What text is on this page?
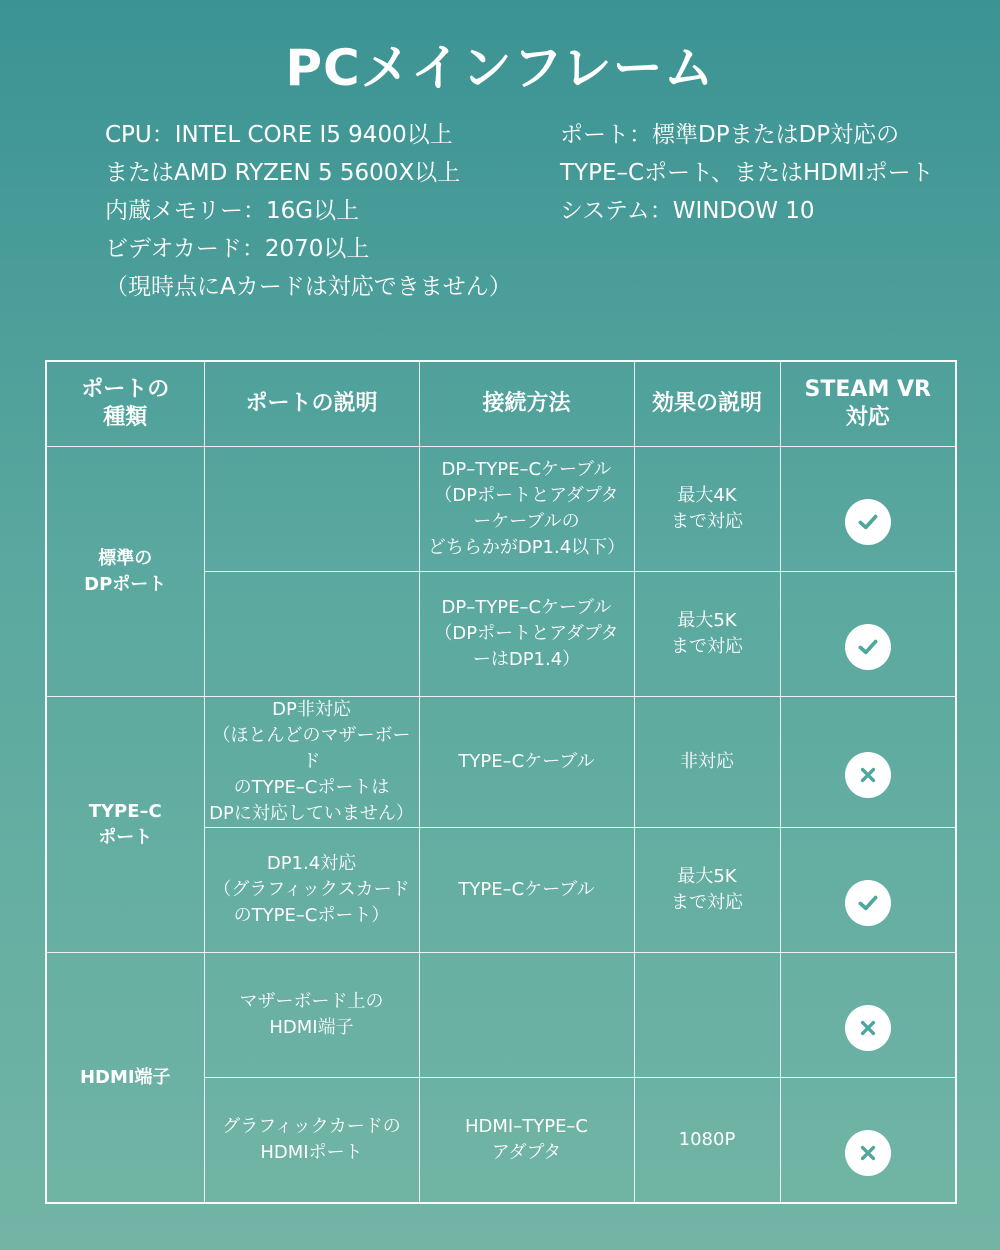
PCメインフレーム
CPU：INTEL CORE I5 9400以上
またはAMD RYZEN 5 5600X以上
内蔵メモリー：16G以上
ビデオカード：2070以上
（現時点にAカードは対応できません）
ポート：標準DPまたはDP対応の
TYPE–Cポート、またはHDMIポート
システム：WINDOW 10
ポートの
種類	ポートの説明	接続方法	効果の説明	STEAM VR
対応
標準の
DPポート		DP–TYPE–Cケーブル
（DPポートとアダプタ
ーケーブルの
どちらかがDP1.4以下）	最大4K
まで対応	

		DP–TYPE–Cケーブル
（DPポートとアダプタ
ーはDP1.4）	最大5K
まで対応	

TYPE–C
ポート	DP非対応
（ほとんどのマザーボード
のTYPE–Cポートは
DPに対応していません）	TYPE–Cケーブル	非対応	

	DP1.4対応
（グラフィックスカード
のTYPE–Cポート）	TYPE–Cケーブル	最大5K
まで対応	

HDMI端子	マザーボード上の
HDMI端子			

	グラフィックカードの
HDMIポート	HDMI–TYPE–C
アダプタ	1080P	
